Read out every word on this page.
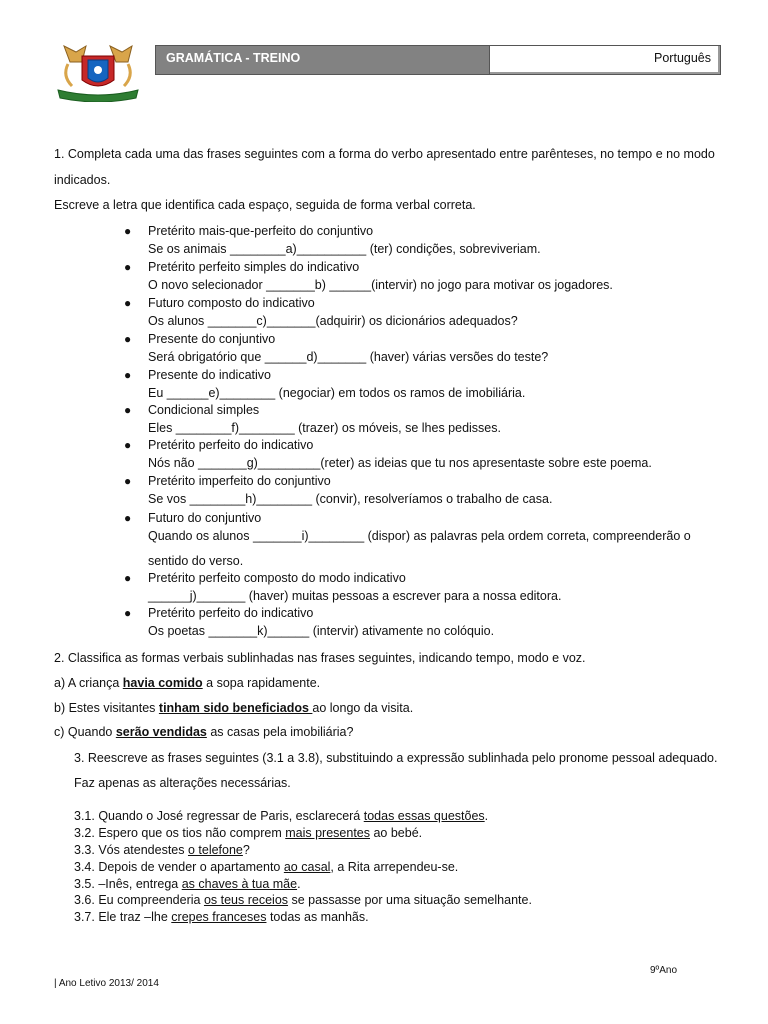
GRAMÁTICA - TREINO	Português
1. Completa cada uma das frases seguintes com a forma do verbo apresentado entre parênteses, no tempo e no modo
indicados.
Escreve a letra que identifica cada espaço, seguida de forma verbal correta.
● Pretérito mais-que-perfeito do conjuntivo
Se os animais ________a)__________ (ter) condições, sobreviveriam.
● Pretérito perfeito simples do indicativo
O novo selecionador _______b) ______(intervir) no jogo para motivar os jogadores.
● Futuro composto do indicativo
Os alunos _______c)_______(adquirir) os dicionários adequados?
● Presente do conjuntivo
Será obrigatório que ______d)_______ (haver) várias versões do teste?
● Presente do indicativo
Eu ______e)________ (negociar) em todos os ramos de imobiliária.
● Condicional simples
Eles ________f)________ (trazer) os móveis, se lhes pedisses.
● Pretérito perfeito do indicativo
Nós não _______g)_________(reter) as ideias que tu nos apresentaste sobre este poema.
● Pretérito imperfeito do conjuntivo
Se vos ________h)________ (convir), resolveríamos o trabalho de casa.
● Futuro do conjuntivo
Quando os alunos _______i)________ (dispor) as palavras pela ordem correta, compreenderão o
sentido do verso.
● Pretérito perfeito composto do modo indicativo
______j)_______ (haver) muitas pessoas a escrever para a nossa editora.
● Pretérito perfeito do indicativo
Os poetas _______k)______ (intervir) ativamente no colóquio.
2. Classifica as formas verbais sublinhadas nas frases seguintes, indicando tempo, modo e voz.
a) A criança havia comido a sopa rapidamente.
b) Estes visitantes tinham sido beneficiados ao longo da visita.
c) Quando serão vendidas as casas pela imobiliária?
3. Reescreve as frases seguintes (3.1 a 3.8), substituindo a expressão sublinhada pelo pronome pessoal adequado.
Faz apenas as alterações necessárias.
3.1. Quando o José regressar de Paris, esclarecerá todas essas questões.
3.2. Espero que os tios não comprem mais presentes ao bebé.
3.3. Vós atendestes o telefone?
3.4. Depois de vender o apartamento ao casal, a Rita arrependeu-se.
3.5. –Inês, entrega as chaves à tua mãe.
3.6. Eu compreenderia os teus receios se passasse por uma situação semelhante.
3.7. Ele traz –lhe crepes franceses todas as manhãs.
9ºAno
| Ano Letivo 2013/ 2014
